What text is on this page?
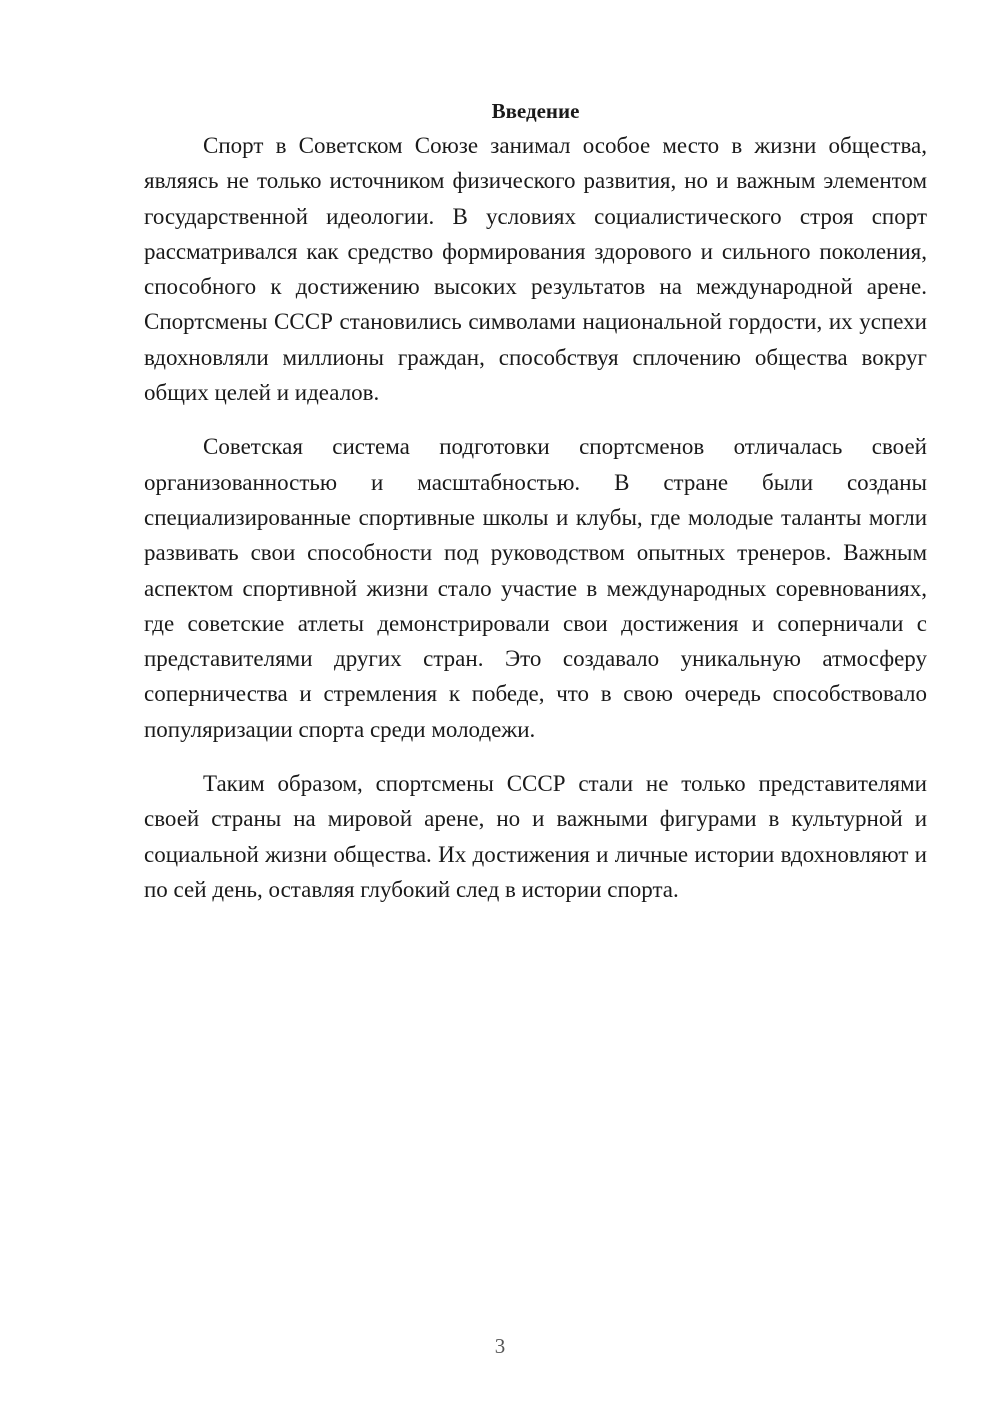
Введение

Спорт в Советском Союзе занимал особое место в жизни общества, являясь не только источником физического развития, но и важным элементом государственной идеологии. В условиях социалистического строя спорт рассматривался как средство формирования здорового и сильного поколения, способного к достижению высоких результатов на международной арене. Спортсмены СССР становились символами национальной гордости, их успехи вдохновляли миллионы граждан, способствуя сплочению общества вокруг общих целей и идеалов.

Советская система подготовки спортсменов отличалась своей организованностью и масштабностью. В стране были созданы специализированные спортивные школы и клубы, где молодые таланты могли развивать свои способности под руководством опытных тренеров. Важным аспектом спортивной жизни стало участие в международных соревнованиях, где советские атлеты демонстрировали свои достижения и соперничали с представителями других стран. Это создавало уникальную атмосферу соперничества и стремления к победе, что в свою очередь способствовало популяризации спорта среди молодежи.

Таким образом, спортсмены СССР стали не только представителями своей страны на мировой арене, но и важными фигурами в культурной и социальной жизни общества. Их достижения и личные истории вдохновляют и по сей день, оставляя глубокий след в истории спорта.

3
